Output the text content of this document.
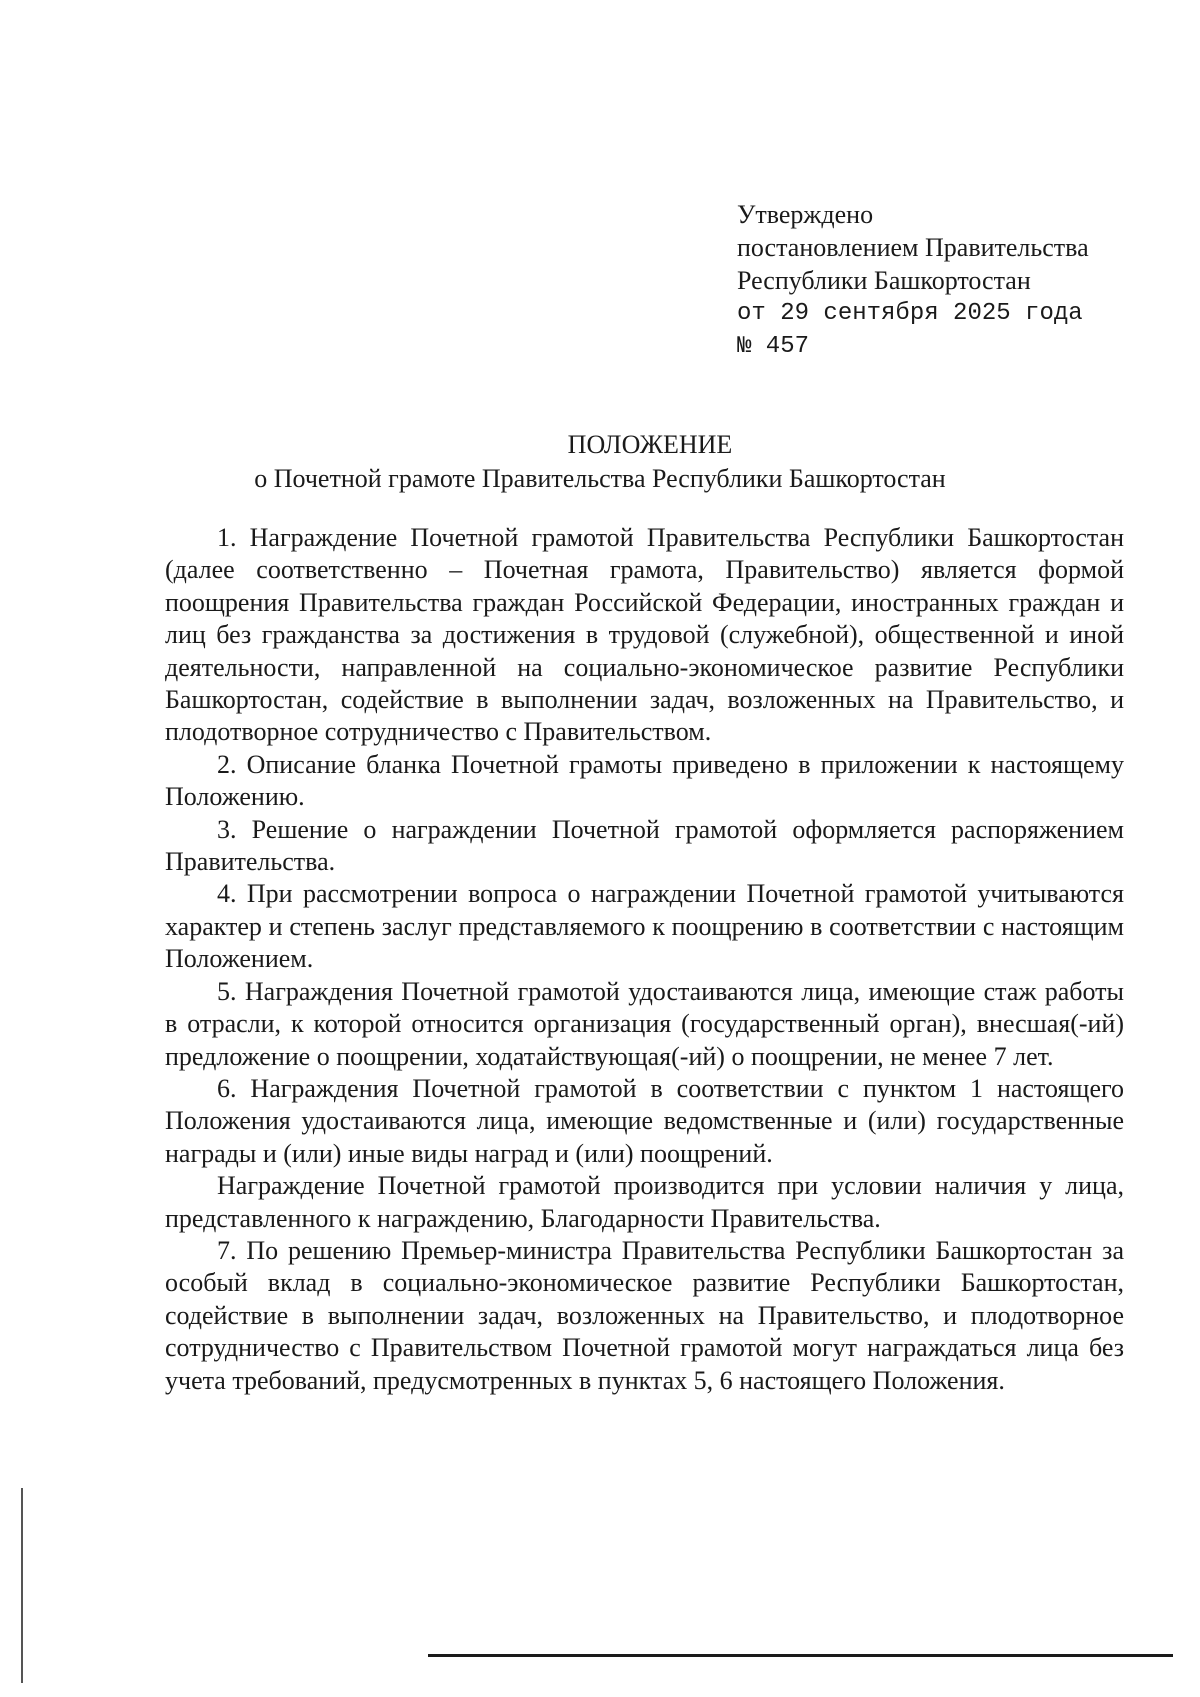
Утверждено
постановлением Правительства
Республики Башкортостан
от 29 сентября 2025 года
№ 457
ПОЛОЖЕНИЕ
о Почетной грамоте Правительства Республики Башкортостан

1. Награждение Почетной грамотой Правительства Республики Башкортостан (далее соответственно – Почетная грамота, Правительство) является формой поощрения Правительства граждан Российской Федерации, иностранных граждан и лиц без гражданства за достижения в трудовой (служебной), общественной и иной деятельности, направленной на социально-экономическое развитие Республики Башкортостан, содействие в выполнении задач, возложенных на Правительство, и плодотворное сотрудничество с Правительством.

2. Описание бланка Почетной грамоты приведено в приложении к настоящему Положению.

3. Решение о награждении Почетной грамотой оформляется распоряжением Правительства.

4. При рассмотрении вопроса о награждении Почетной грамотой учитываются характер и степень заслуг представляемого к поощрению в соответствии с настоящим Положением.

5. Награждения Почетной грамотой удостаиваются лица, имеющие стаж работы в отрасли, к которой относится организация (государственный орган), внесшая(-ий) предложение о поощрении, ходатайствующая(-ий) о поощрении, не менее 7 лет.

6. Награждения Почетной грамотой в соответствии с пунктом 1 настоящего Положения удостаиваются лица, имеющие ведомственные и (или) государственные награды и (или) иные виды наград и (или) поощрений.

Награждение Почетной грамотой производится при условии наличия у лица, представленного к награждению, Благодарности Правительства.

7. По решению Премьер-министра Правительства Республики Башкортостан за особый вклад в социально-экономическое развитие Республики Башкортостан, содействие в выполнении задач, возложенных на Правительство, и плодотворное сотрудничество с Правительством Почетной грамотой могут награждаться лица без учета требований, предусмотренных в пунктах 5, 6 настоящего Положения.
